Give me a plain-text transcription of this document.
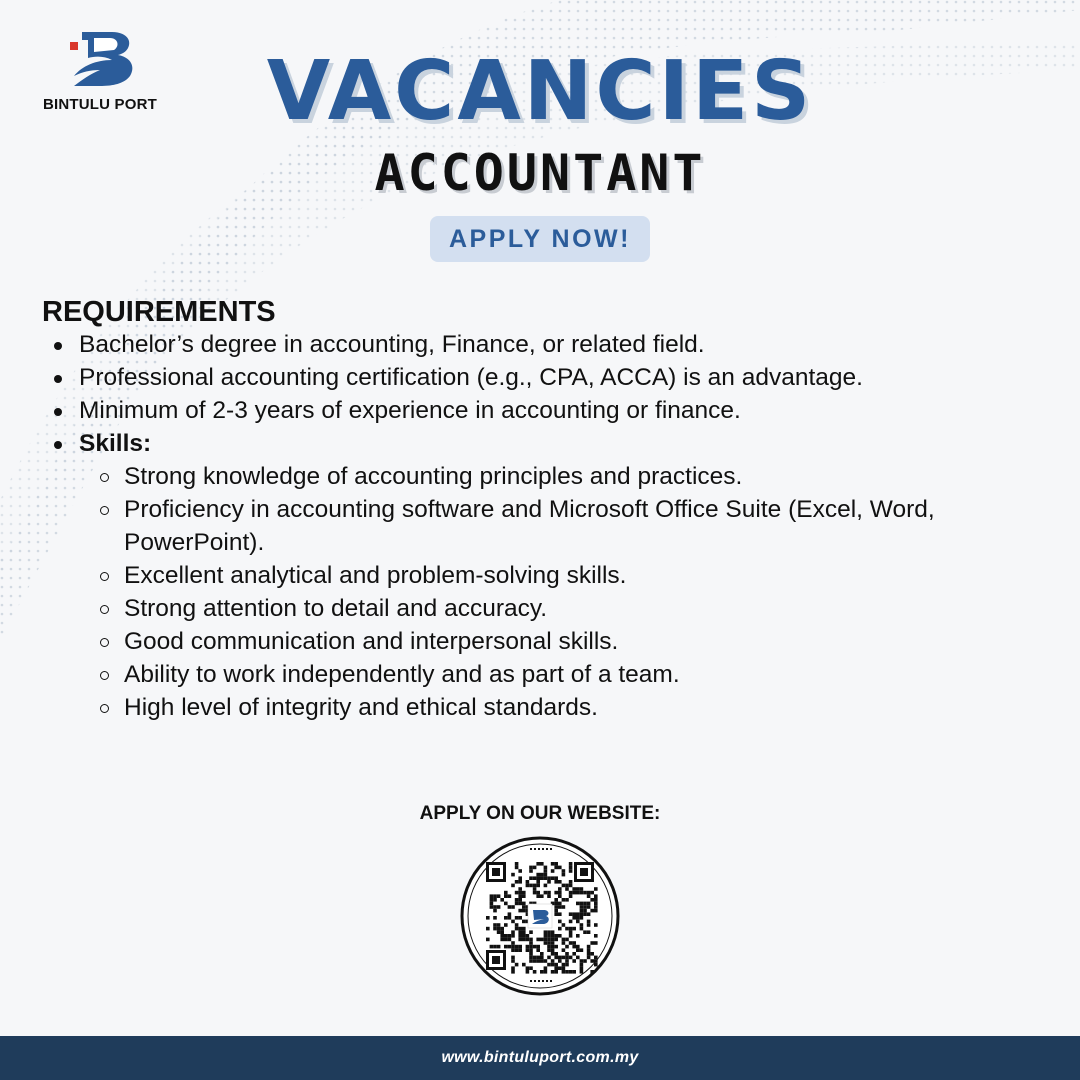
BINTULU PORT	VACANCIES
ACCOUNTANT
APPLY NOW!
REQUIREMENTS
Bachelor’s degree in accounting, Finance, or related field.
Professional accounting certification (e.g., CPA, ACCA) is an advantage.
Minimum of 2-3 years of experience in accounting or finance.
Skills:
Strong knowledge of accounting principles and practices.
Proficiency in accounting software and Microsoft Office Suite (Excel, Word, PowerPoint).
Excellent analytical and problem-solving skills.
Strong attention to detail and accuracy.
Good communication and interpersonal skills.
Ability to work independently and as part of a team.
High level of integrity and ethical standards.
APPLY ON OUR WEBSITE:
www.bintuluport.com.my
